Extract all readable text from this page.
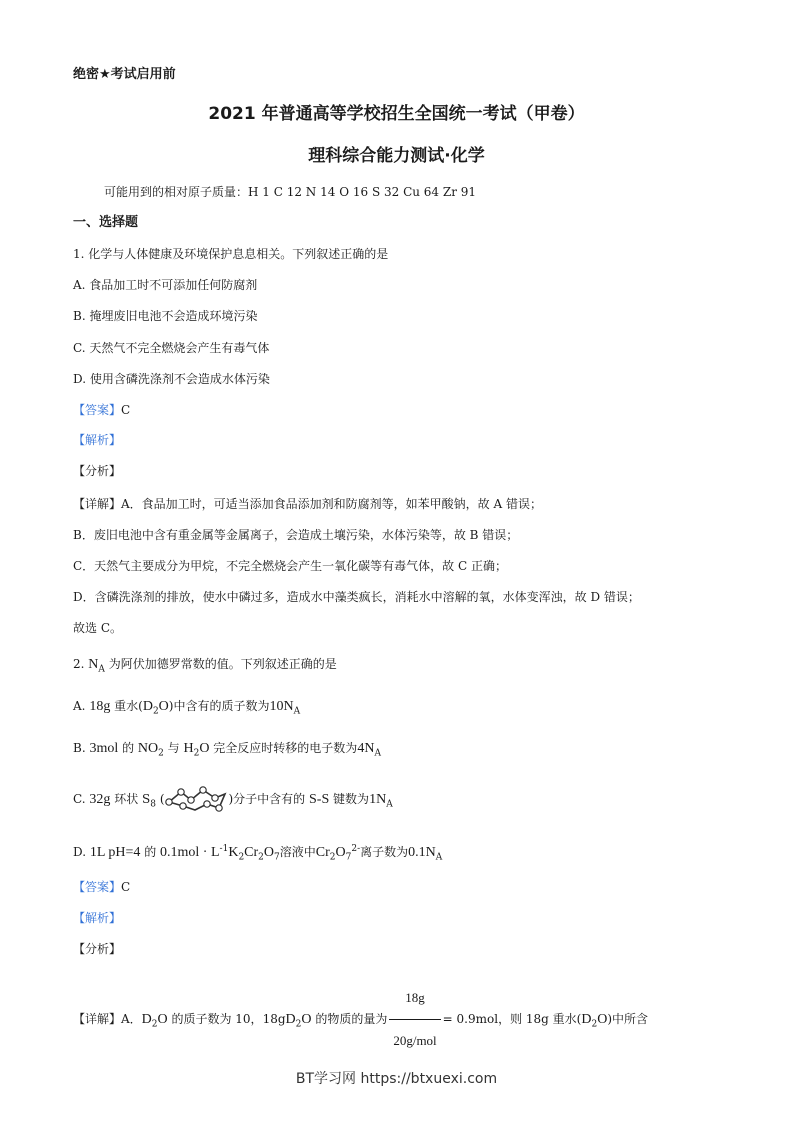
绝密★考试启用前
2021 年普通高等学校招生全国统一考试（甲卷）
理科综合能力测试·化学
可能用到的相对原子质量：H 1 C 12 N 14 O 16 S 32 Cu 64 Zr 91
一、选择题
1. 化学与人体健康及环境保护息息相关。下列叙述正确的是
A. 食品加工时不可添加任何防腐剂
B. 掩埋废旧电池不会造成环境污染
C. 天然气不完全燃烧会产生有毒气体
D. 使用含磷洗涤剂不会造成水体污染
【答案】C
【解析】
【分析】
【详解】A．食品加工时，可适当添加食品添加剂和防腐剂等，如苯甲酸钠，故 A 错误；
B．废旧电池中含有重金属等金属离子，会造成土壤污染，水体污染等，故 B 错误；
C．天然气主要成分为甲烷，不完全燃烧会产生一氧化碳等有毒气体，故 C 正确；
D．含磷洗涤剂的排放，使水中磷过多，造成水中藻类疯长，消耗水中溶解的氧，水体变浑浊，故 D 错误；
故选 C。
2. $N_A$ 为阿伏加德罗常数的值。下列叙述正确的是
A. 18g 重水$(D_2O)$中含有的质子数为$10N_A$
B. 3mol 的 $NO_2$ 与 $H_2O$ 完全反应时转移的电子数为$4N_A$
C. 32g 环状 $S_8$ (	)分子中含有的 S-S 键数为$1N_A$
D. 1L pH=4 的 $0.1mol \cdot L^{-1}K_2Cr_2O_7$溶液中$Cr_2O_7^{2-}$离子数为$0.1N_A$
【答案】C
【解析】
【分析】
【详解】A．$D_2O$ 的质子数为 10，$18gD_2O$ 的物质的量为 $\frac{18g}{\text{20g/mol}} = 0.9mol$，则 18g 重水$(D_2O)$中所含
BT学习网 https://btxuexi.com
